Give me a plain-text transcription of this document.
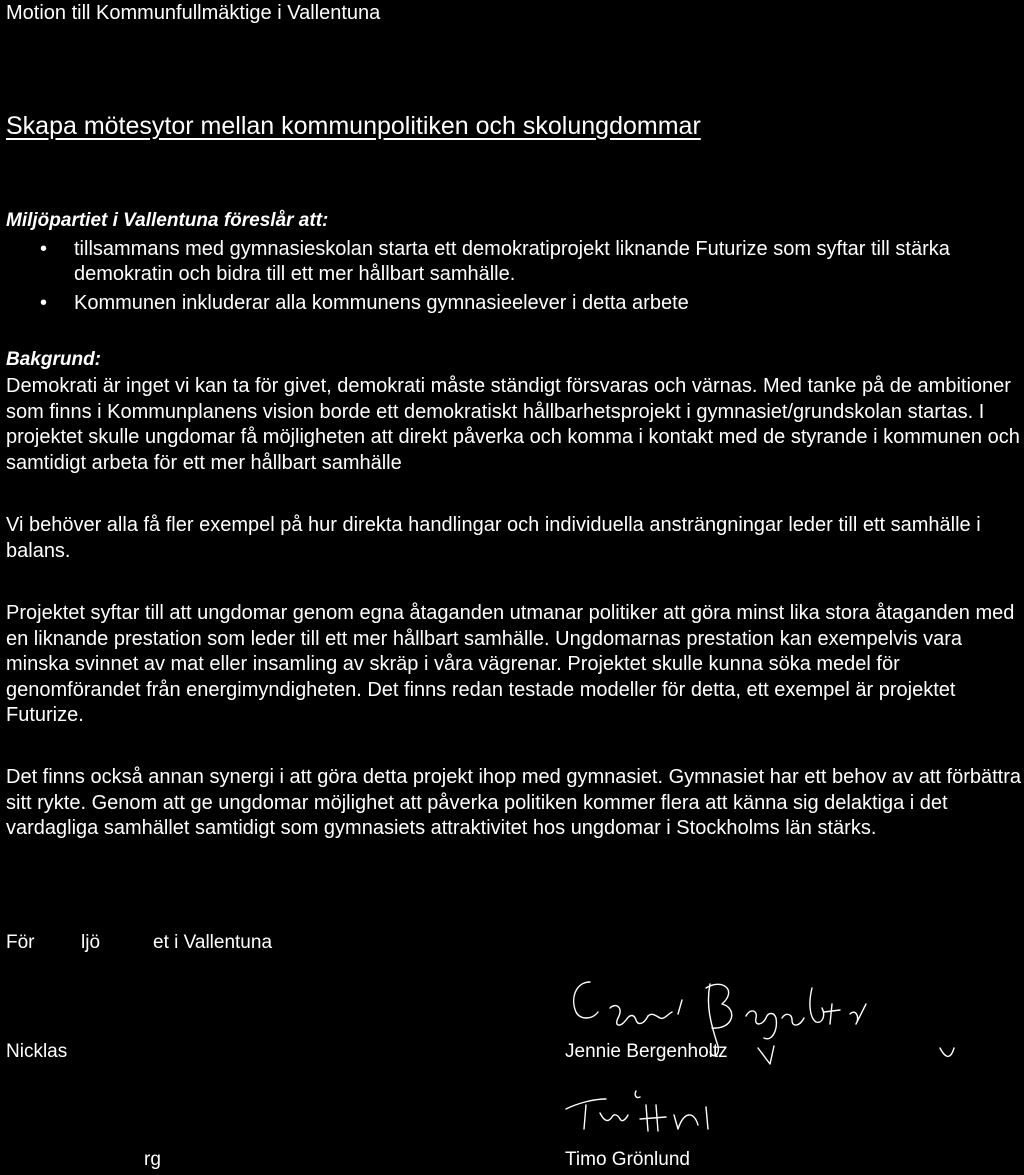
Motion till Kommunfullmäktige i Vallentuna
Skapa mötesytor mellan kommunpolitiken och skolungdommar
Miljöpartiet i Vallentuna föreslår att:
• tillsammans med gymnasieskolan starta ett demokratiprojekt liknande Futurize som syftar till stärka demokratin och bidra till ett mer hållbart samhälle.
• Kommunen inkluderar alla kommunens gymnasieelever i detta arbete
Bakgrund:

Demokrati är inget vi kan ta för givet, demokrati måste ständigt försvaras och värnas. Med tanke på de ambitioner som finns i Kommunplanens vision borde ett demokratiskt hållbarhetsprojekt i gymnasiet/grundskolan startas. I projektet skulle ungdomar få möjligheten att direkt påverka och komma i kontakt med de styrande i kommunen och samtidigt arbeta för ett mer hållbart samhälle

Vi behöver alla få fler exempel på hur direkta handlingar och individuella ansträngningar leder till ett samhälle i balans.

Projektet syftar till att ungdomar genom egna åtaganden utmanar politiker att göra minst lika stora åtaganden med en liknande prestation som leder till ett mer hållbart samhälle. Ungdomarnas prestation kan exempelvis vara minska svinnet av mat eller insamling av skräp i våra vägrenar. Projektet skulle kunna söka medel för genomförandet från energimyndigheten. Det finns redan testade modeller för detta, ett exempel är projektet Futurize.

Det finns också annan synergi i att göra detta projekt ihop med gymnasiet. Gymnasiet har ett behov av att förbättra sitt rykte. Genom att ge ungdomar möjlighet att påverka politiken kommer flera att känna sig delaktiga i det vardagliga samhället samtidigt som gymnasiets attraktivitet hos ungdomar i Stockholms län stärks.

För ljö	et i Vallentuna
Nicklas
rg
Jennie Bergenholtz
Timo Grönlund
